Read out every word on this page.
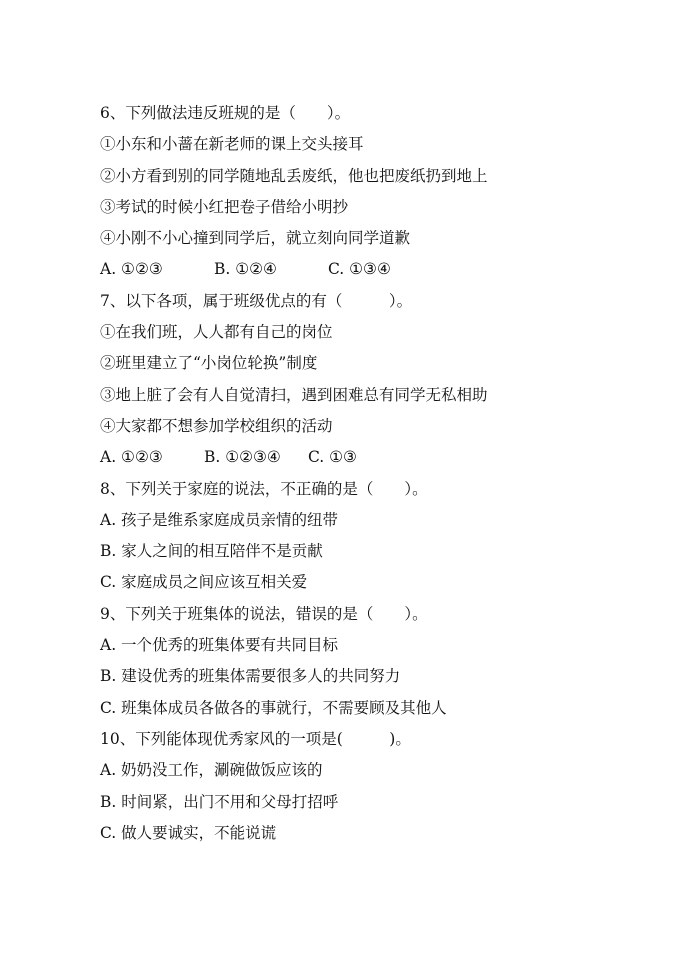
6、下列做法违反班规的是（　　）。
①小东和小蔷在新老师的课上交头接耳
②小方看到别的同学随地乱丢废纸，他也把废纸扔到地上
③考试的时候小红把卷子借给小明抄
④小刚不小心撞到同学后，就立刻向同学道歉
A. ①②③	B. ①②④	C. ①③④
7、以下各项，属于班级优点的有（　　　）。
①在我们班，人人都有自己的岗位
②班里建立了“小岗位轮换”制度
③地上脏了会有人自觉清扫，遇到困难总有同学无私相助
④大家都不想参加学校组织的活动
A. ①②③	B. ①②③④	C. ①③
8、下列关于家庭的说法，不正确的是（　　）。
A. 孩子是维系家庭成员亲情的纽带
B. 家人之间的相互陪伴不是贡献
C. 家庭成员之间应该互相关爱
9、下列关于班集体的说法，错误的是（　　）。
A. 一个优秀的班集体要有共同目标
B. 建设优秀的班集体需要很多人的共同努力
C. 班集体成员各做各的事就行，不需要顾及其他人
10、下列能体现优秀家风的一项是(　　　)。
A. 奶奶没工作，涮碗做饭应该的
B. 时间紧，出门不用和父母打招呼
C. 做人要诚实，不能说谎
